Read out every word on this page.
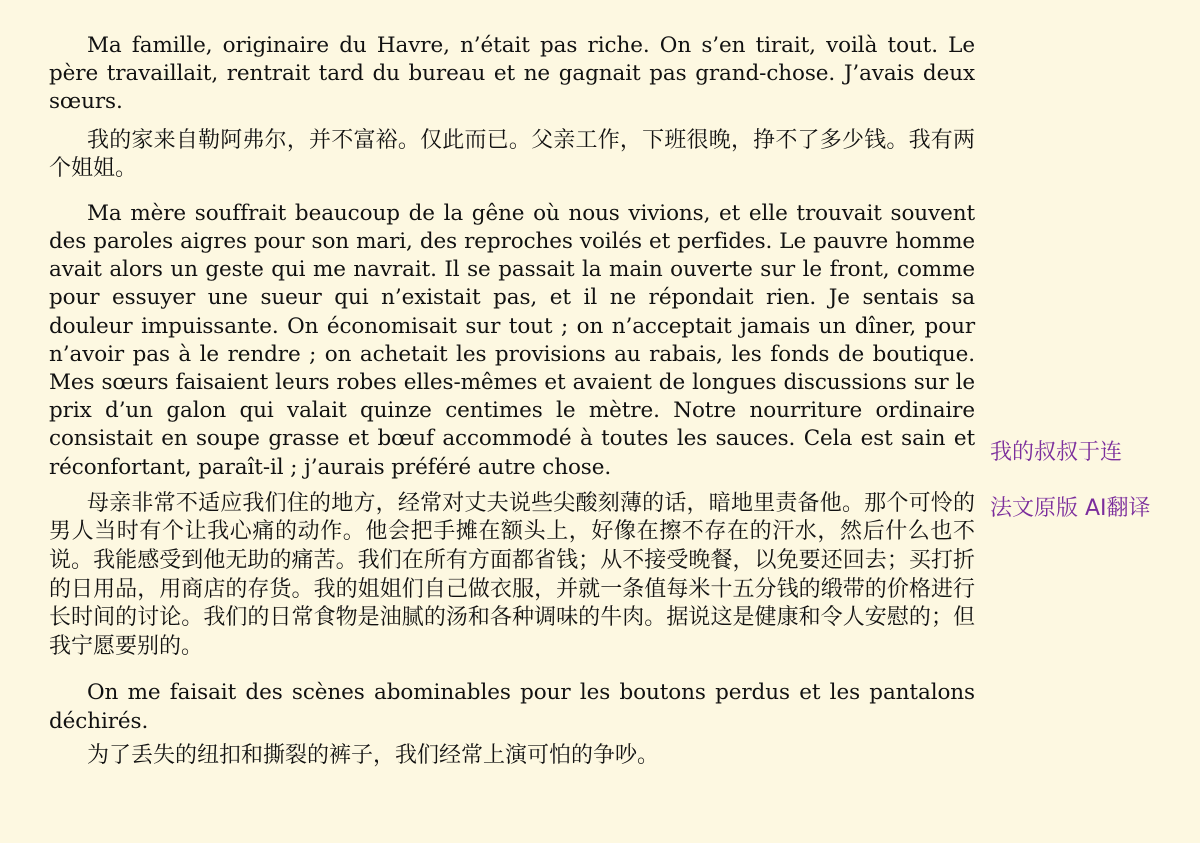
Ma famille, originaire du Havre, n’était pas riche. On s’en tirait, voilà tout. Le père travaillait, rentrait tard du bureau et ne gagnait pas grand-chose. J’avais deux sœurs.

我的家来自勒阿弗尔，并不富裕。仅此而已。父亲工作，下班很晚，挣不了多少钱。我有两个姐姐。

Ma mère souffrait beaucoup de la gêne où nous vivions, et elle trouvait souvent des paroles aigres pour son mari, des reproches voilés et perfides. Le pauvre homme avait alors un geste qui me navrait. Il se passait la main ouverte sur le front, comme pour essuyer une sueur qui n’existait pas, et il ne répondait rien. Je sentais sa douleur impuissante. On économisait sur tout ; on n’acceptait jamais un dîner, pour n’avoir pas à le rendre ; on achetait les provisions au rabais, les fonds de boutique. Mes sœurs faisaient leurs robes elles-mêmes et avaient de longues discussions sur le prix d’un galon qui valait quinze centimes le mètre. Notre nourriture ordinaire consistait en soupe grasse et bœuf accommodé à toutes les sauces. Cela est sain et réconfortant, paraît-il ; j’aurais préféré autre chose.

母亲非常不适应我们住的地方，经常对丈夫说些尖酸刻薄的话，暗地里责备他。那个可怜的男人当时有个让我心痛的动作。他会把手摊在额头上，好像在擦不存在的汗水，然后什么也不说。我能感受到他无助的痛苦。我们在所有方面都省钱；从不接受晚餐，以免要还回去；买打折的日用品，用商店的存货。我的姐姐们自己做衣服，并就一条值每米十五分钱的缎带的价格进行长时间的讨论。我们的日常食物是油腻的汤和各种调味的牛肉。据说这是健康和令人安慰的；但我宁愿要别的。

On me faisait des scènes abominables pour les boutons perdus et les pantalons déchirés.

为了丢失的纽扣和撕裂的裤子，我们经常上演可怕的争吵。

我的叔叔于连
法文原版 AI翻译
